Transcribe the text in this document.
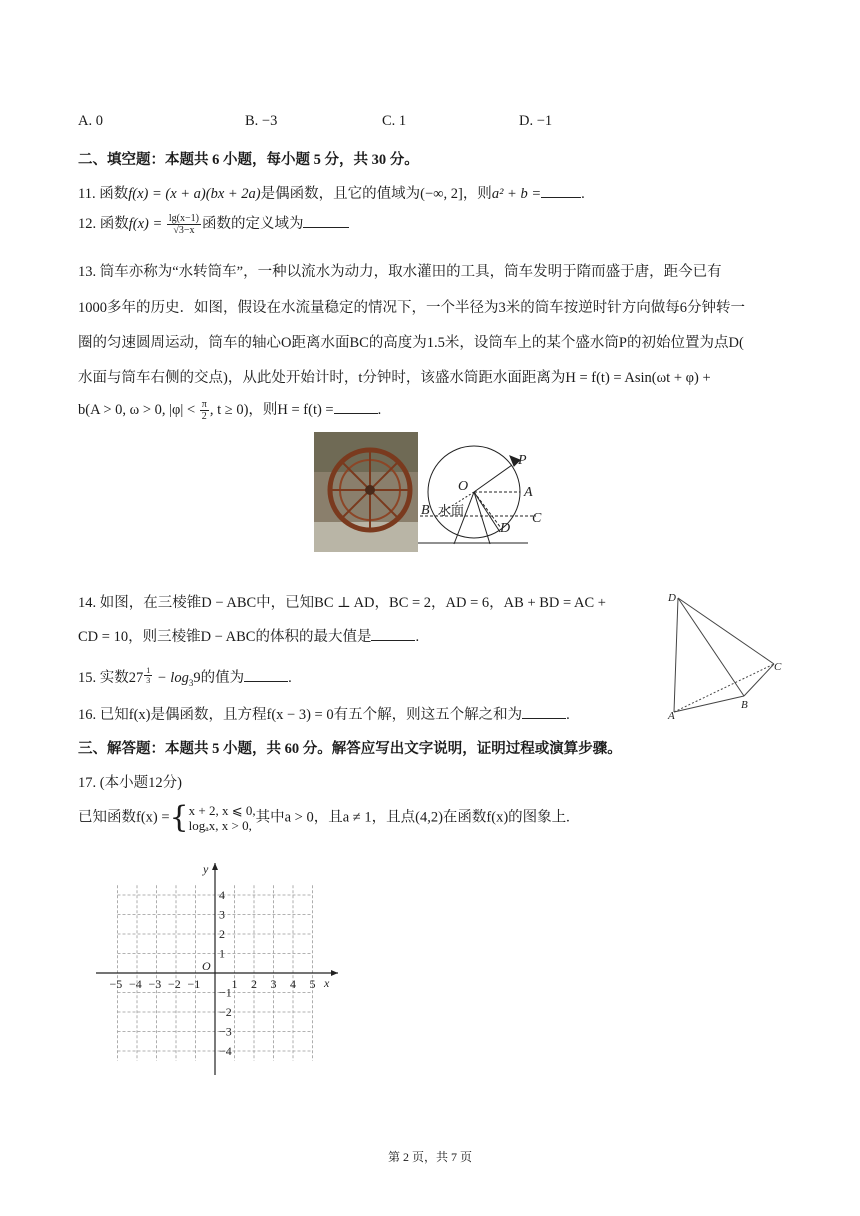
A. 0	B. −3	C. 1	D. −1
二、填空题：本题共 6 小题，每小题 5 分，共 30 分。
11. 函数f(x) = (x + a)(bx + 2a)是偶函数，且它的值域为(−∞, 2]，则a² + b =	.
12. 函数$f(x) = \frac{\lg(x-1)}{√3-x}$ 函数的定义域为
13. 筒车亦称为“水转筒车”，一种以流水为动力，取水灌田的工具，筒车发明于隋而盛于唐，距今已有
1000多年的历史．如图，假设在水流量稳定的情况下，一个半径为3米的筒车按逆时针方向做每6分钟转一
圈的匀速圆周运动，筒车的轴心O距离水面BC的高度为1.5米，设筒车上的某个盛水筒P的初始位置为点D(
水面与筒车右侧的交点)，从此处开始计时，t分钟时，该盛水筒距水面距离为H = f(t) = Asin(ωt + φ) +
b(A > 0, ω > 0, $|\varphi| < \frac{\pi}{2}$ , t ≥ 0)，则H = f(t) =	.
P
O	A
B
C
D
水面
14. 如图，在三棱锥D − ABC中，已知BC ⊥ AD，BC = 2，AD = 6，AB + BD = AC +
CD = 10，则三棱锥D − ABC的体积的最大值是	.
D
A
B
C
15. 实数$27 \frac{1}{3} - \log_39$的值为	.
16. 已知f(x)是偶函数，且方程f(x − 3) = 0有五个解，则这五个解之和为	.
三、解答题：本题共 5 小题，共 60 分。解答应写出文字说明，证明过程或演算步骤。
17. (本小题12分)
已知函数f(x) ={ x + 2, x ⩽ 0,
logₐx, x > 0,
其中a > 0，且a ≠ 1，且点(4,2)在函数f(x)的图象上.
y
x
O
−5 −4 −3 −2 −1	1 2 3 4 5
4
3
2
1
−1
−2
−3
−4
第 2 页，共 7 页
